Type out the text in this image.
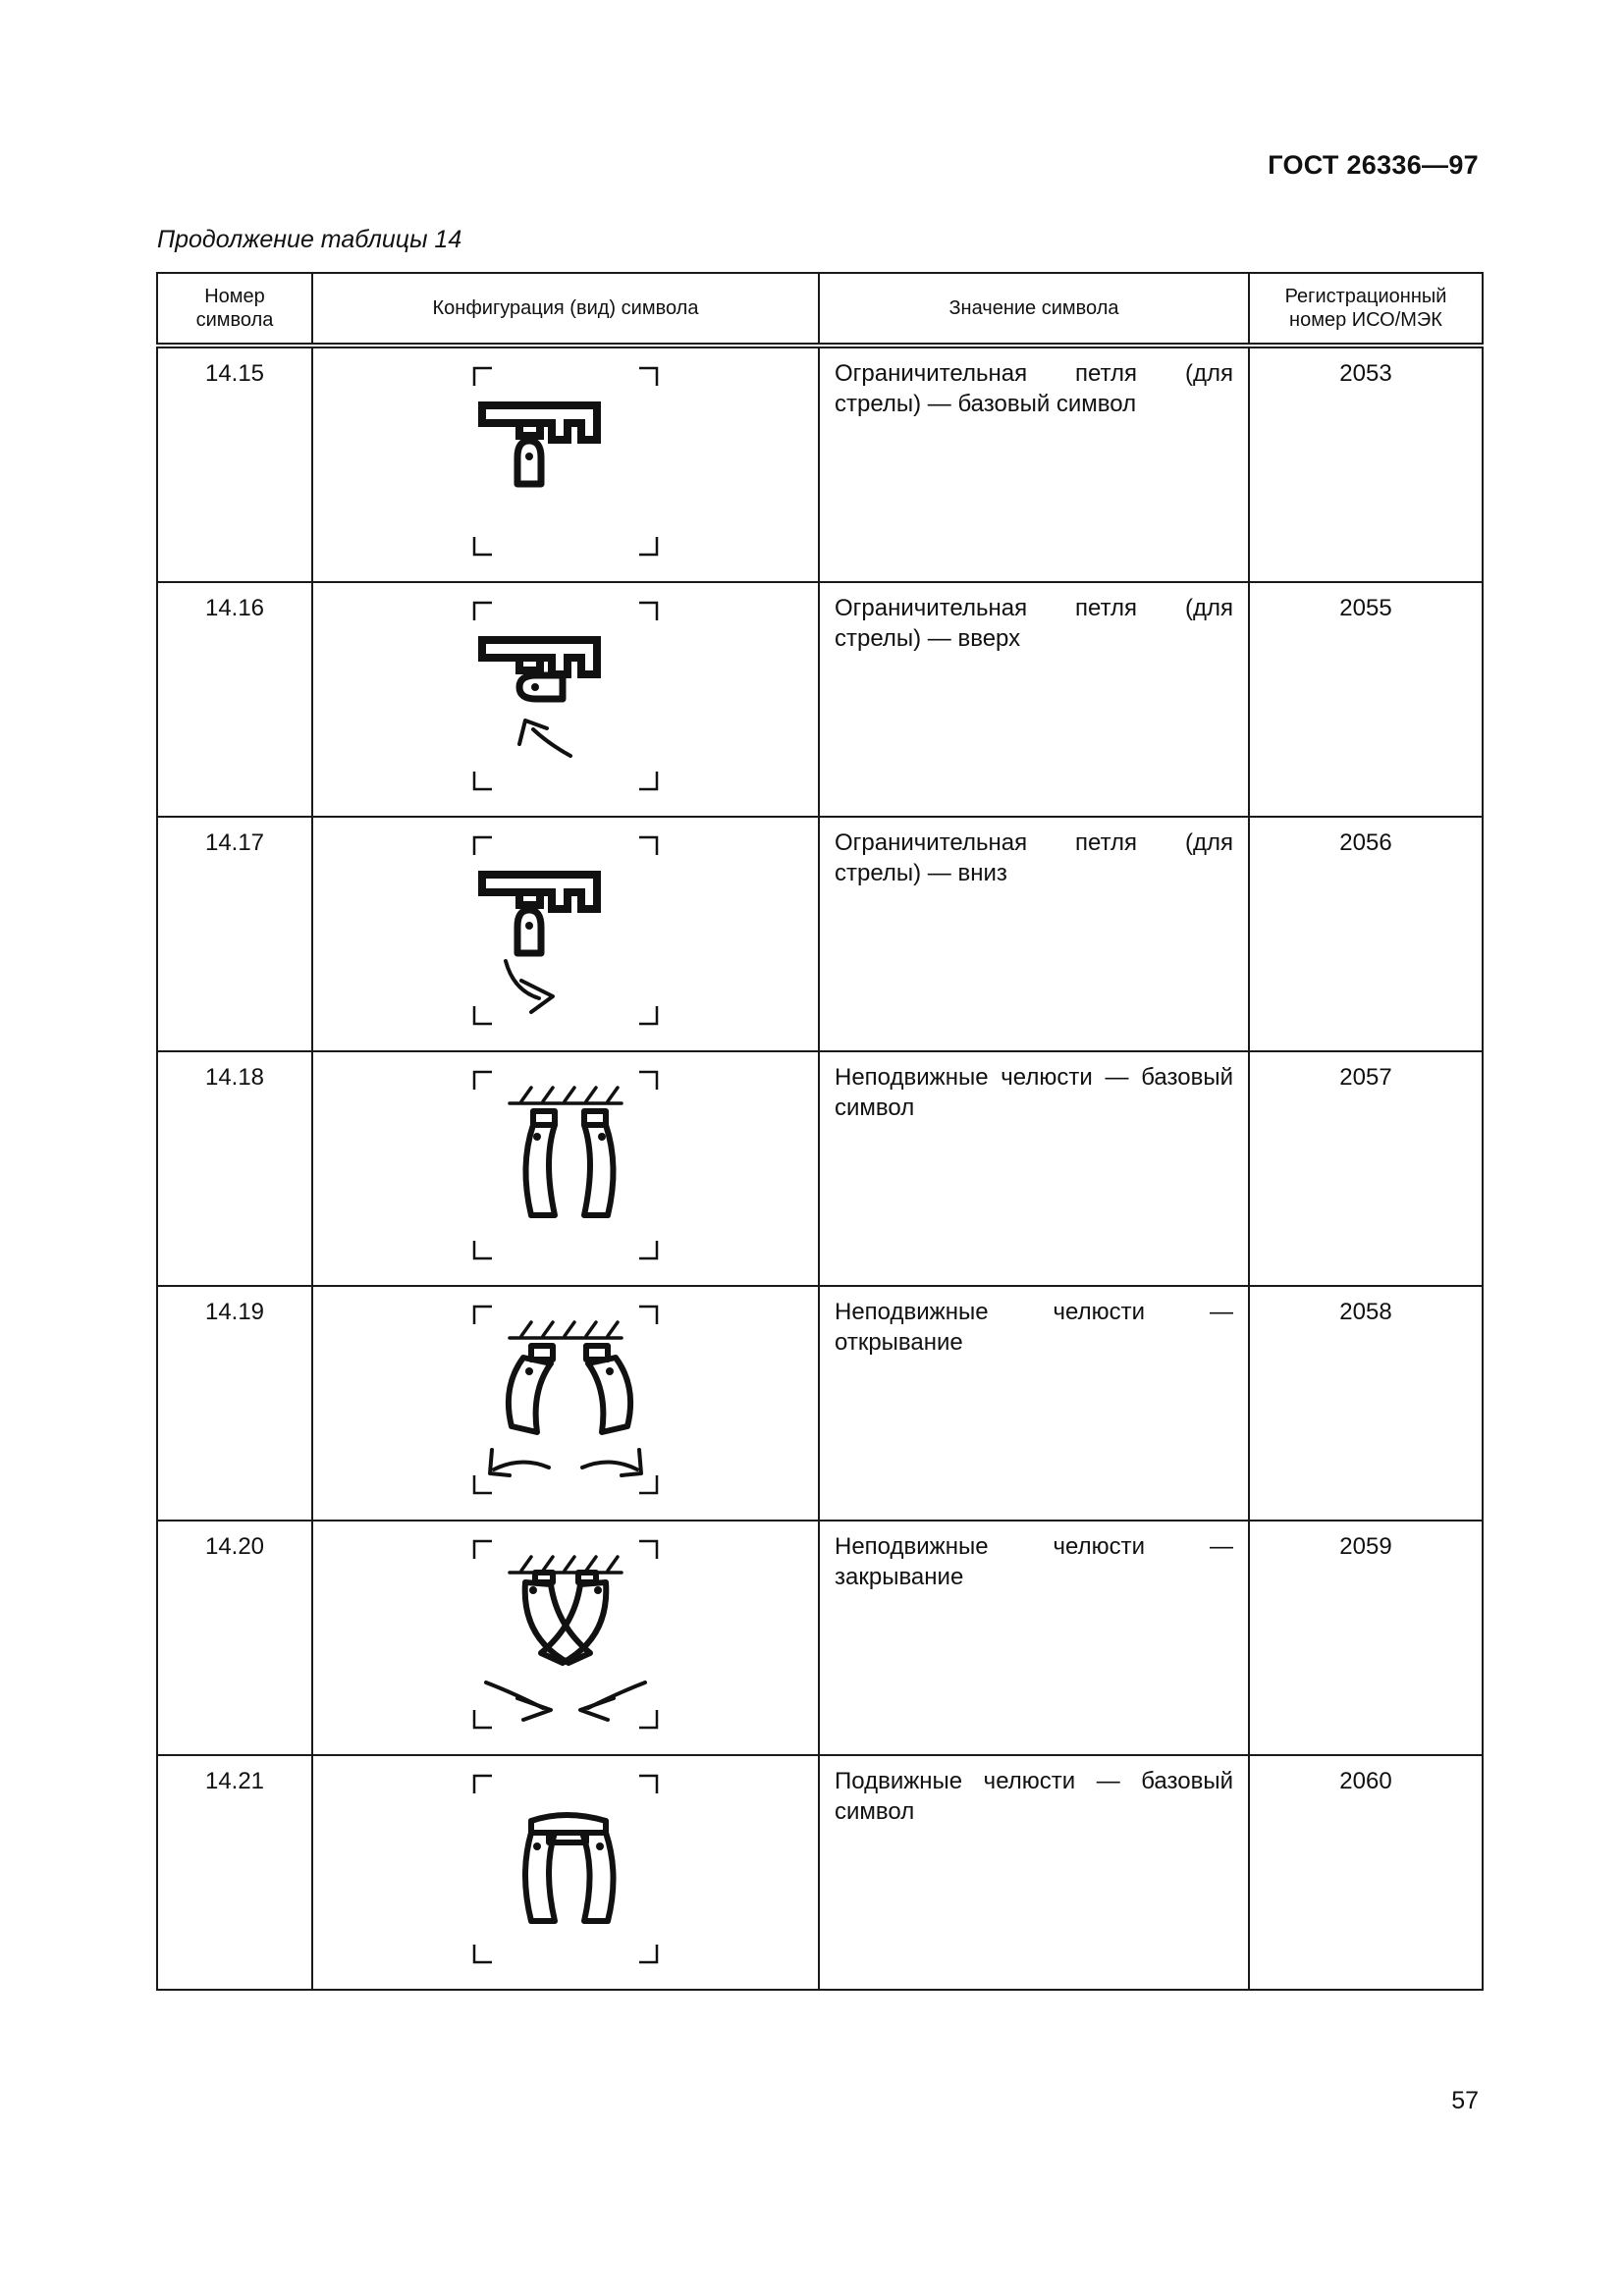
ГОСТ 26336—97
Продолжение таблицы 14
Номер символа	Конфигурация (вид) символа	Значение символа	Регистрационный номер ИСО/МЭК
14.15		Ограничительная петля (для стрелы) — базовый символ	2053
14.16		Ограничительная петля (для стрелы) — вверх	2055
14.17		Ограничительная петля (для стрелы) — вниз	2056
14.18		Неподвижные челюсти — базовый символ	2057
14.19		Неподвижные челюсти — открывание	2058
14.20		Неподвижные челюсти — закрывание	2059
14.21		Подвижные челюсти — базовый символ	2060
57
